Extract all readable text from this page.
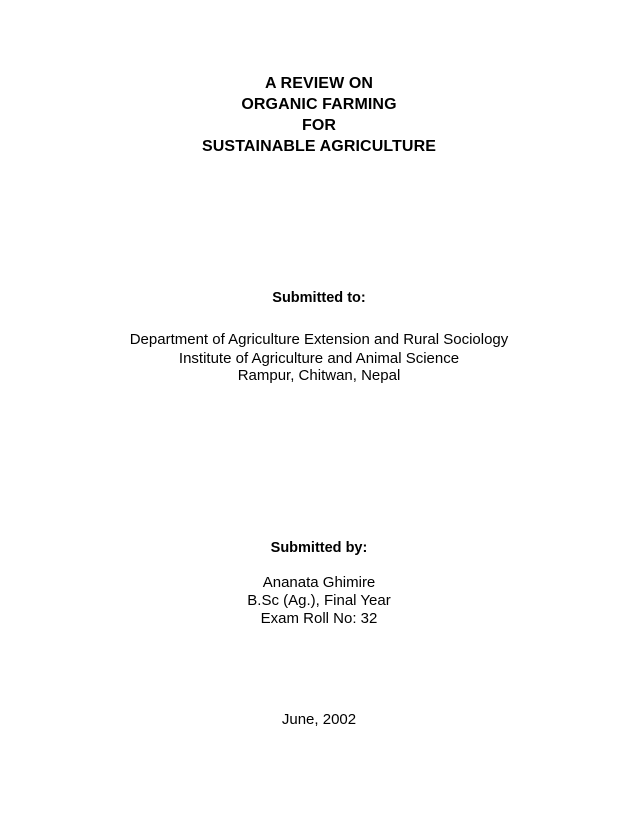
A REVIEW ON

ORGANIC FARMING

FOR

SUSTAINABLE AGRICULTURE

Submitted to:

Department of Agriculture Extension and Rural Sociology

Institute of Agriculture and Animal Science

Rampur, Chitwan, Nepal

Submitted by:

Ananata Ghimire

B.Sc (Ag.), Final Year

Exam Roll No: 32

June, 2002
